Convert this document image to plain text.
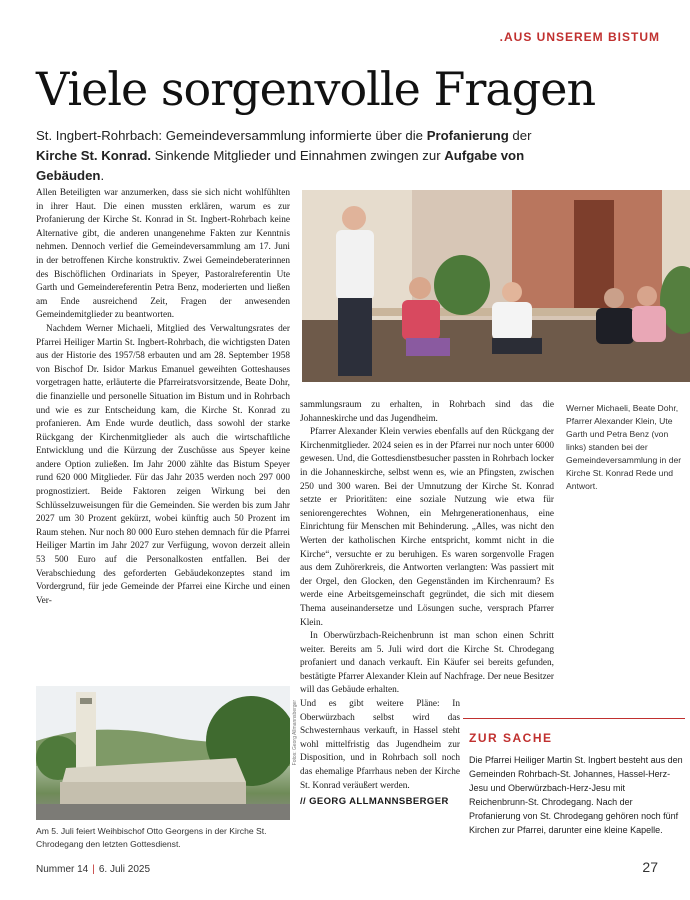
.AUS UNSEREM BISTUM
Viele sorgenvolle Fragen
St. Ingbert-Rohrbach: Gemeindeversammlung informierte über die Profanierung der Kirche St. Konrad. Sinkende Mitglieder und Einnahmen zwingen zur Aufgabe von Gebäuden.

Allen Beteiligten war anzumerken, dass sie sich nicht wohlfühlten in ihrer Haut. Die einen mussten erklären, warum es zur Profanierung der Kirche St. Konrad in St. Ingbert-Rohrbach keine Alternative gibt, die anderen unangenehme Fakten zur Kenntnis nehmen. Dennoch verlief die Gemeindeversammlung am 17. Juni in der betroffenen Kirche konstruktiv. Zwei Gemeindeberaterinnen des Bischöflichen Ordinariats in Speyer, Pastoralreferentin Ute Garth und Gemeindereferentin Petra Benz, moderierten und ließen am Ende ausreichend Zeit, Fragen der anwesenden Gemeindemitglieder zu beantworten.

Nachdem Werner Michaeli, Mitglied des Verwaltungsrates der Pfarrei Heiliger Martin St. Ingbert-Rohrbach, die wichtigsten Daten aus der Historie des 1957/58 erbauten und am 28. September 1958 von Bischof Dr. Isidor Markus Emanuel geweihten Gotteshauses vorgetragen hatte, erläuterte die Pfarreiratsvorsitzende, Beate Dohr, die finanzielle und personelle Situation im Bistum und in Rohrbach und wie es zur Entscheidung kam, die Kirche St. Konrad zu profanieren. Am Ende wurde deutlich, dass sowohl der starke Rückgang der Kirchenmitglieder als auch die wirtschaftliche Entwicklung und die Kürzung der Zuschüsse aus Speyer keine andere Option zuließen. Im Jahr 2000 zählte das Bistum Speyer rund 620 000 Mitglieder. Für das Jahr 2035 werden noch 297 000 prognostiziert. Beide Faktoren zeigen Wirkung bei den Schlüsselzuweisungen für die Gemeinden. Sie werden bis zum Jahr 2027 um 30 Prozent gekürzt, wobei künftig auch 50 Prozent im Raum stehen. Nur noch 80 000 Euro stehen demnach für die Pfarrei Heiliger Martin im Jahr 2027 zur Verfügung, wovon derzeit allein 53 500 Euro auf die Personalkosten entfallen. Bei der Verabschiedung des geforderten Gebäudekonzeptes stand im Vordergrund, für jede Gemeinde der Pfarrei eine Kirche und einen Ver-

Werner Michaeli, Beate Dohr, Pfarrer Alexander Klein, Ute Garth und Petra Benz (von links) standen bei der Gemeindeversammlung in der Kirche St. Konrad Rede und Antwort.

sammlungsraum zu erhalten, in Rohrbach sind das die Johanneskirche und das Jugendheim.

Pfarrer Alexander Klein verwies ebenfalls auf den Rückgang der Kirchenmitglieder. 2024 seien es in der Pfarrei nur noch unter 6000 gewesen. Und, die Gottesdienstbesucher passten in Rohrbach locker in die Johanneskirche, selbst wenn es, wie an Pfingsten, zwischen 250 und 300 waren. Bei der Umnutzung der Kirche St. Konrad setzte er Prioritäten: eine soziale Nutzung wie etwa für seniorengerechtes Wohnen, ein Mehrgenerationenhaus, eine Einrichtung für Menschen mit Behinderung. „Alles, was nicht den Werten der katholischen Kirche entspricht, kommt nicht in die Kirche“, versuchte er zu beruhigen. Es waren sorgenvolle Fragen aus dem Zuhörerkreis, die Antworten verlangten: Was passiert mit der Orgel, den Glocken, den Gegenständen im Kirchenraum? Es werde eine Arbeitsgemeinschaft gegründet, die sich mit diesem Thema auseinandersetze und Lösungen suche, versprach Pfarrer Klein.

In Oberwürzbach-Reichenbrunn ist man schon einen Schritt weiter. Bereits am 5. Juli wird dort die Kirche St. Chrodegang profaniert und danach verkauft. Ein Käufer sei bereits gefunden, bestätigte Pfarrer Alexander Klein auf Nachfrage. Der neue Besitzer will das Gebäude erhalten.

Und es gibt weitere Pläne: In Oberwürzbach selbst wird das Schwesternhaus verkauft, in Hassel steht wohl mittelfristig das Jugendheim zur Disposition, und in Rohrbach soll noch das ehemalige Pfarrhaus neben der Kirche St. Konrad veräußert werden.
// GEORG ALLMANNSBERGER
Fotos: Georg Allmannsberger
Am 5. Juli feiert Weihbischof Otto Georgens in der Kirche St. Chrodegang den letzten Gottesdienst.
ZUR SACHE
Die Pfarrei Heiliger Martin St. Ingbert besteht aus den Gemeinden Rohrbach-St. Johannes, Hassel-Herz-Jesu und Oberwürzbach-Herz-Jesu mit Reichenbrunn-St. Chrodegang. Nach der Profanierung von St. Chrodegang gehören noch fünf Kirchen zur Pfarrei, darunter eine kleine Kapelle.
Nummer 14 | 6. Juli 2025	27
